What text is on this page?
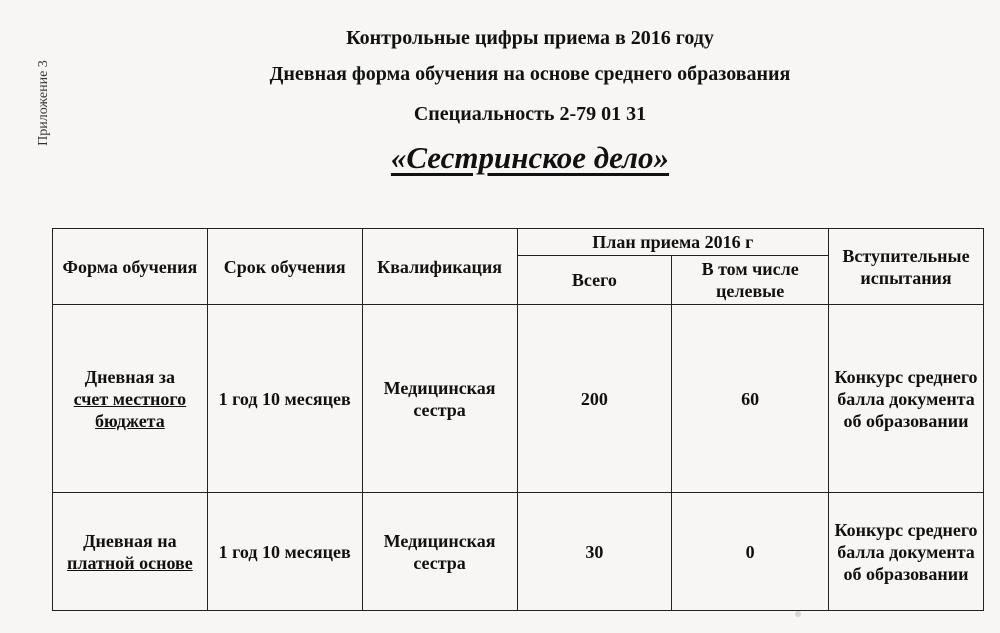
Приложение 3
Контрольные цифры приема в 2016 году
Дневная форма обучения на основе среднего образования
Специальность 2-79 01 31
«Сестринское дело»
Форма обучения	Срок обучения	Квалификация	План приема 2016 г		Вступительные испытания
			Всего	В том числе целевые	
Дневная за
счет местного бюджета	1 год 10 месяцев	Медицинская сестра	200	60	Конкурс среднего балла документа об образовании
Дневная на
платной основе	1 год 10 месяцев	Медицинская сестра	30	0	Конкурс среднего балла документа об образовании
